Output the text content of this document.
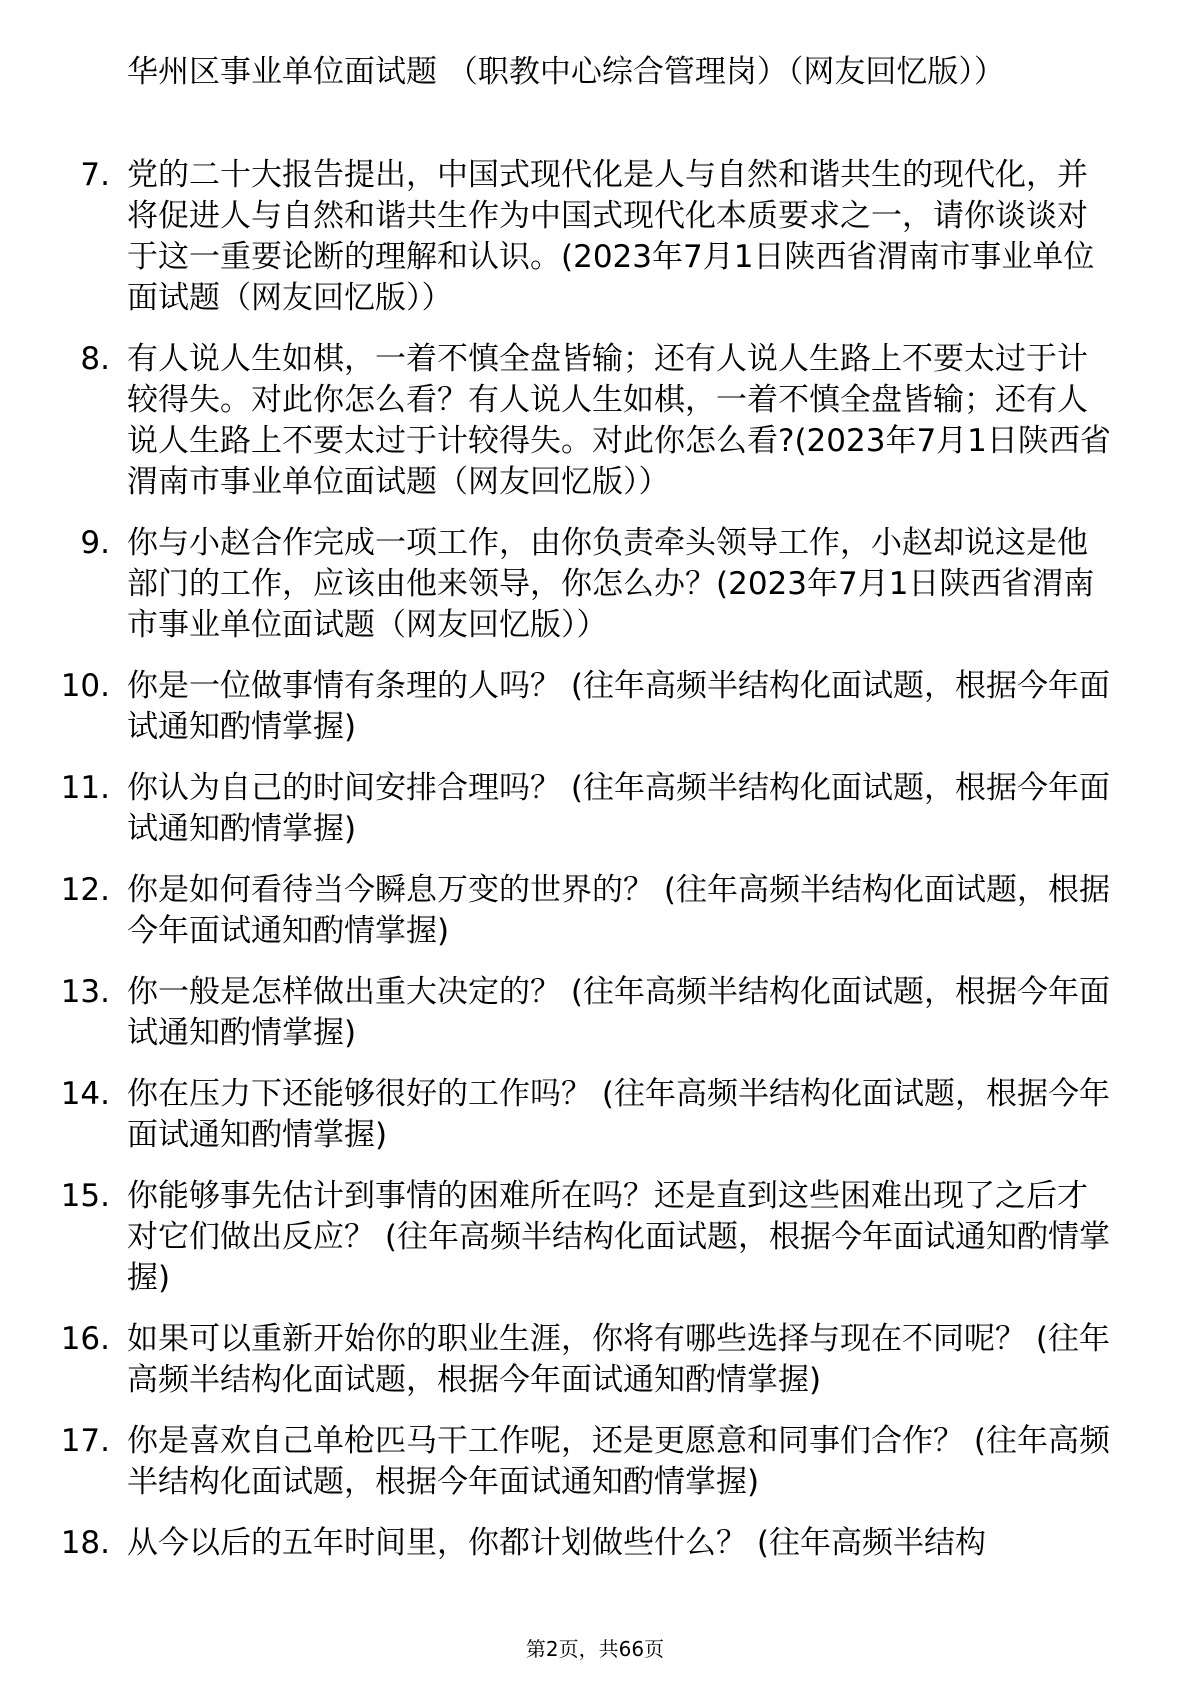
华州区事业单位面试题 （职教中心综合管理岗）（网友回忆版））

7. 党的二十大报告提出，中国式现代化是人与自然和谐共生的现代化，并将促进人与自然和谐共生作为中国式现代化本质要求之一，请你谈谈对于这一重要论断的理解和认识。(2023年7月1日陕西省渭南市事业单位面试题（网友回忆版））
8. 有人说人生如棋，一着不慎全盘皆输；还有人说人生路上不要太过于计较得失。对此你怎么看？有人说人生如棋，一着不慎全盘皆输；还有人说人生路上不要太过于计较得失。对此你怎么看?(2023年7月1日陕西省渭南市事业单位面试题（网友回忆版））
9. 你与小赵合作完成一项工作，由你负责牵头领导工作，小赵却说这是他部门的工作，应该由他来领导，你怎么办？(2023年7月1日陕西省渭南市事业单位面试题（网友回忆版））
10. 你是一位做事情有条理的人吗？ (往年高频半结构化面试题，根据今年面试通知酌情掌握)
11. 你认为自己的时间安排合理吗？ (往年高频半结构化面试题，根据今年面试通知酌情掌握)
12. 你是如何看待当今瞬息万变的世界的？ (往年高频半结构化面试题，根据今年面试通知酌情掌握)
13. 你一般是怎样做出重大决定的？ (往年高频半结构化面试题，根据今年面试通知酌情掌握)
14. 你在压力下还能够很好的工作吗？ (往年高频半结构化面试题，根据今年面试通知酌情掌握)
15. 你能够事先估计到事情的困难所在吗？还是直到这些困难出现了之后才对它们做出反应？ (往年高频半结构化面试题，根据今年面试通知酌情掌握)
16. 如果可以重新开始你的职业生涯，你将有哪些选择与现在不同呢？ (往年高频半结构化面试题，根据今年面试通知酌情掌握)
17. 你是喜欢自己单枪匹马干工作呢，还是更愿意和同事们合作？ (往年高频半结构化面试题，根据今年面试通知酌情掌握)
18. 从今以后的五年时间里，你都计划做些什么？ (往年高频半结构
第2页，共66页
